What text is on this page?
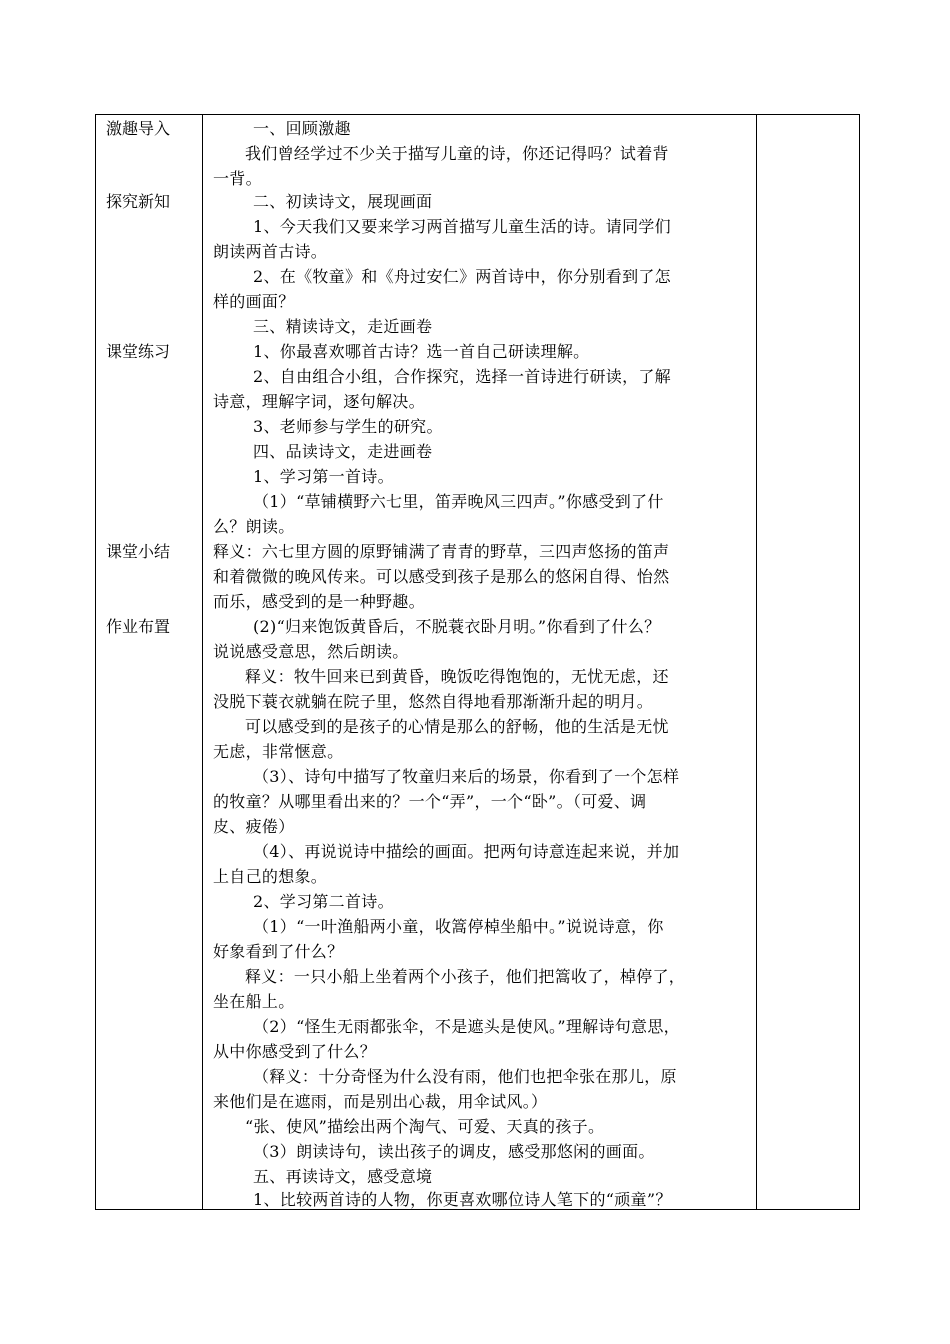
激趣导入
探究新知
课堂练习
课堂小结
作业布置
一、回顾激趣
我们曾经学过不少关于描写儿童的诗，你还记得吗？试着背
一背。
二、初读诗文，展现画面
1、今天我们又要来学习两首描写儿童生活的诗。请同学们
朗读两首古诗。
2、在《牧童》和《舟过安仁》两首诗中，你分别看到了怎
样的画面？
三、精读诗文，走近画卷
1、你最喜欢哪首古诗？选一首自己研读理解。
2、自由组合小组，合作探究，选择一首诗进行研读，了解
诗意，理解字词，逐句解决。
3、老师参与学生的研究。
四、品读诗文，走进画卷
1、学习第一首诗。
（1）“草铺横野六七里，笛弄晚风三四声。”你感受到了什
么？朗读。
释义：六七里方圆的原野铺满了青青的野草，三四声悠扬的笛声
和着微微的晚风传来。可以感受到孩子是那么的悠闲自得、怡然
而乐，感受到的是一种野趣。
(2)“归来饱饭黄昏后，不脱蓑衣卧月明。”你看到了什么？
说说感受意思，然后朗读。
释义：牧牛回来已到黄昏，晚饭吃得饱饱的，无忧无虑，还
没脱下蓑衣就躺在院子里，悠然自得地看那渐渐升起的明月。
可以感受到的是孩子的心情是那么的舒畅，他的生活是无忧
无虑，非常惬意。
（3）、诗句中描写了牧童归来后的场景，你看到了一个怎样
的牧童？从哪里看出来的？一个“弄”，一个“卧”。（可爱、调
皮、疲倦）
（4）、再说说诗中描绘的画面。把两句诗意连起来说，并加
上自己的想象。
2、学习第二首诗。
（1）“一叶渔船两小童，收篙停棹坐船中。”说说诗意，你
好象看到了什么？
释义：一只小船上坐着两个小孩子，他们把篙收了，棹停了，
坐在船上。
（2）“怪生无雨都张伞，不是遮头是使风。”理解诗句意思，
从中你感受到了什么？
（释义：十分奇怪为什么没有雨，他们也把伞张在那儿，原
来他们是在遮雨，而是别出心裁，用伞试风。）
“张、使风”描绘出两个淘气、可爱、天真的孩子。
（3）朗读诗句，读出孩子的调皮，感受那悠闲的画面。
五、再读诗文，感受意境
1、比较两首诗的人物，你更喜欢哪位诗人笔下的“顽童”？
